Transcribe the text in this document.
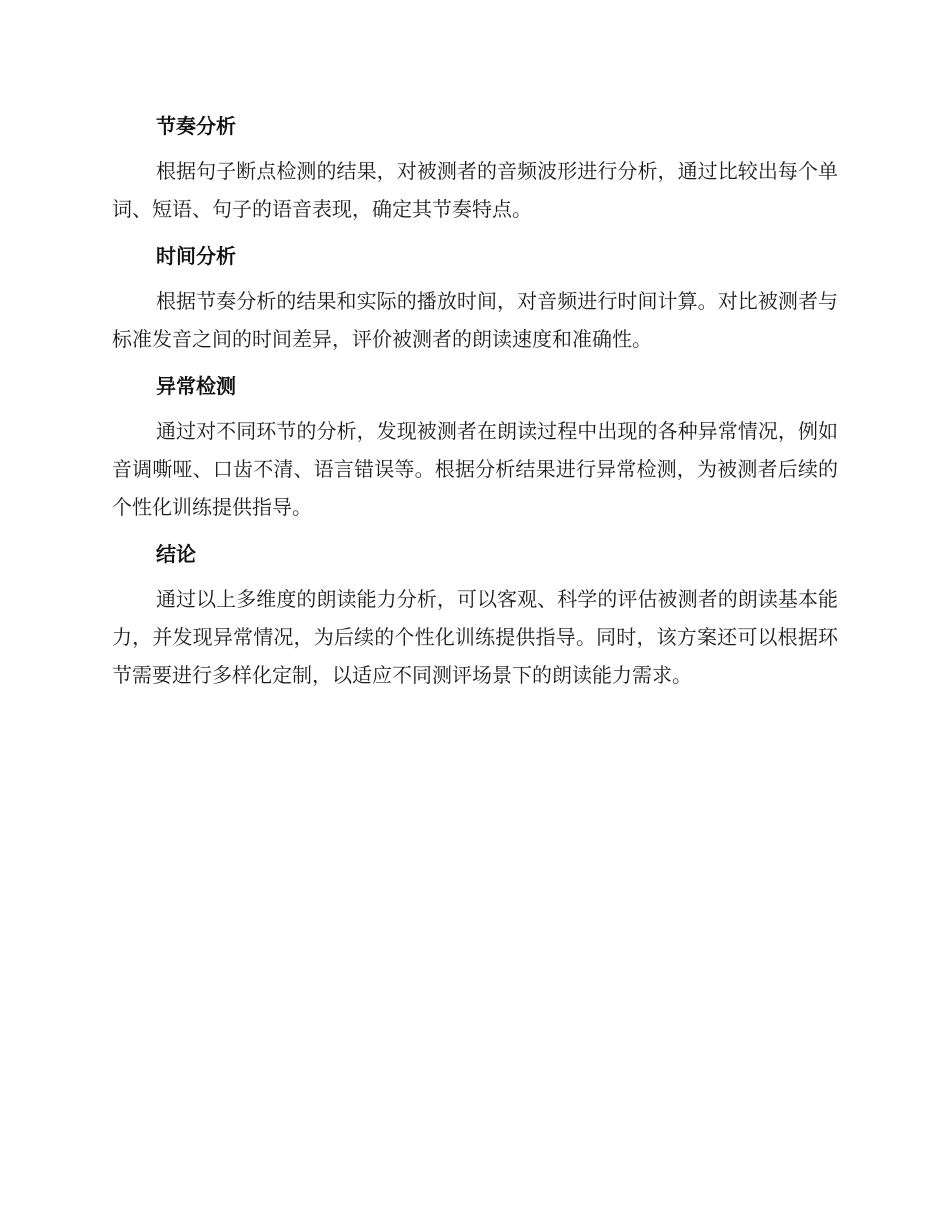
节奏分析

根据句子断点检测的结果，对被测者的音频波形进行分析，通过比较出每个单词、短语、句子的语音表现，确定其节奏特点。

时间分析

根据节奏分析的结果和实际的播放时间，对音频进行时间计算。对比被测者与标准发音之间的时间差异，评价被测者的朗读速度和准确性。

异常检测

通过对不同环节的分析，发现被测者在朗读过程中出现的各种异常情况，例如音调嘶哑、口齿不清、语言错误等。根据分析结果进行异常检测，为被测者后续的个性化训练提供指导。

结论

通过以上多维度的朗读能力分析，可以客观、科学的评估被测者的朗读基本能力，并发现异常情况，为后续的个性化训练提供指导。同时，该方案还可以根据环节需要进行多样化定制，以适应不同测评场景下的朗读能力需求。
